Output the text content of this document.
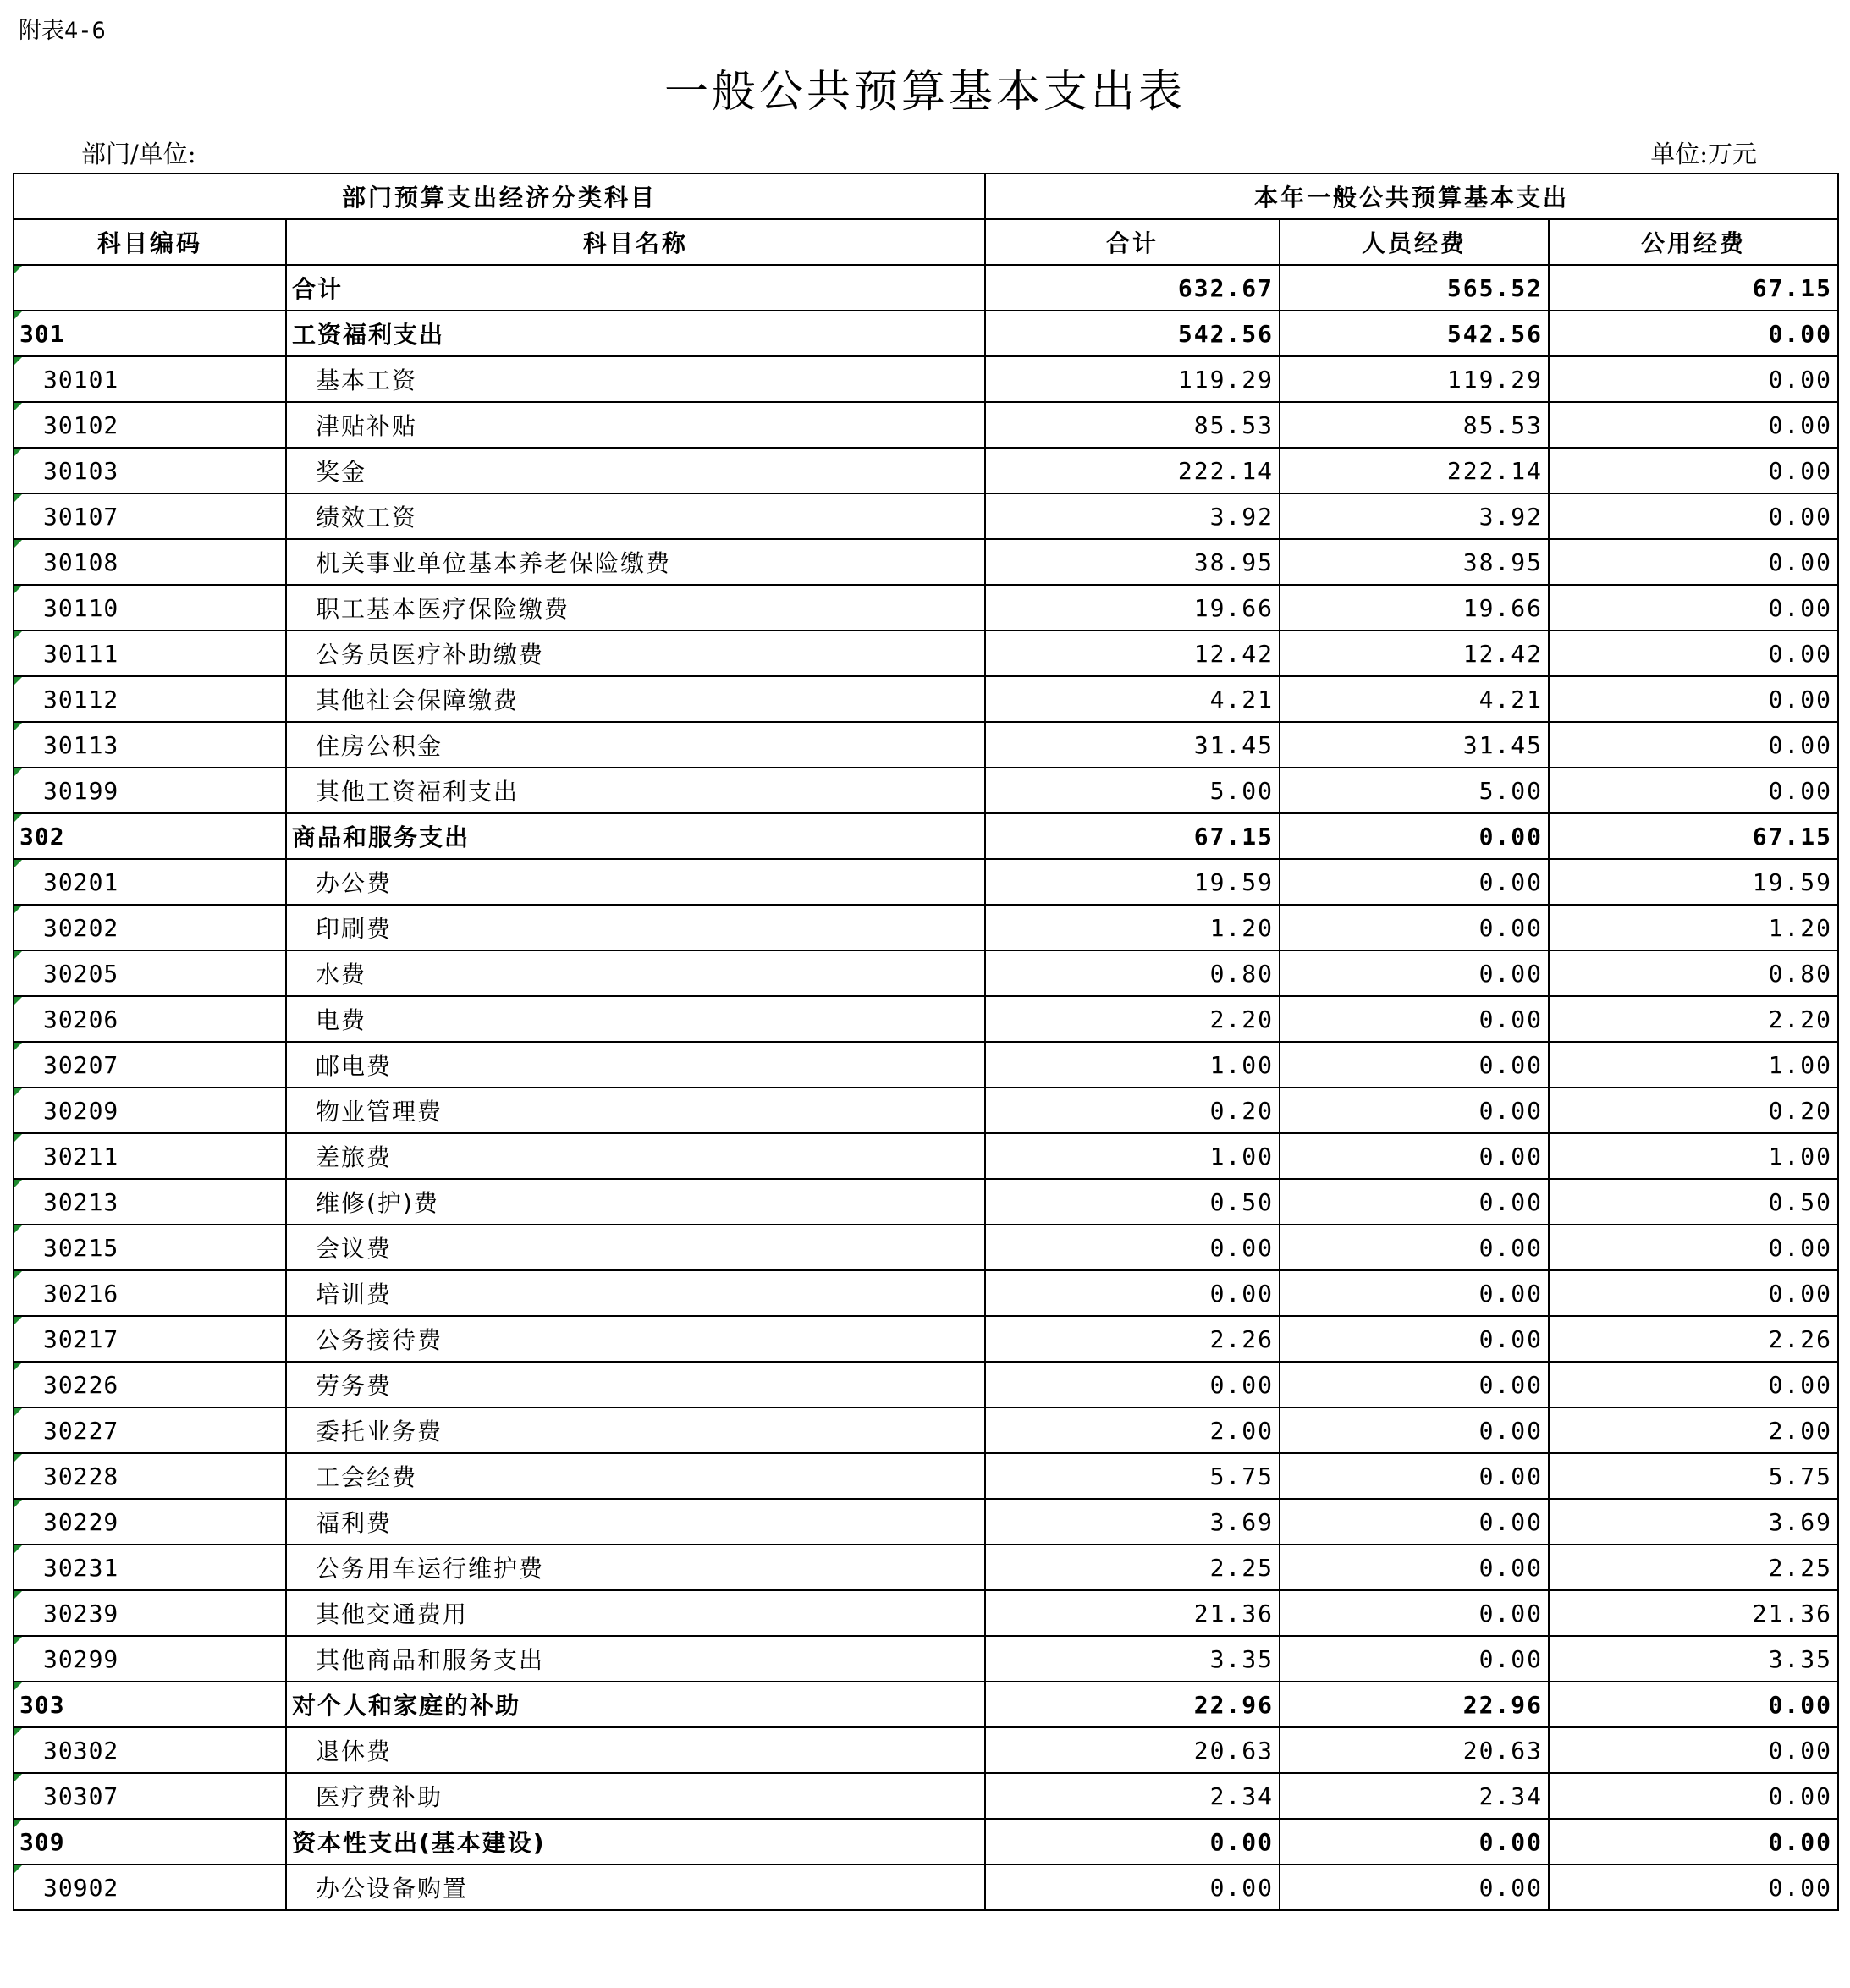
附表4-6
一般公共预算基本支出表
部门/单位:	单位:万元
部门预算支出经济分类科目		本年一般公共预算基本支出		
科目编码	科目名称	合计	人员经费	公用经费
	合计	632.67	565.52	67.15
301	工资福利支出	542.56	542.56	0.00
30101	基本工资	119.29	119.29	0.00
30102	津贴补贴	85.53	85.53	0.00
30103	奖金	222.14	222.14	0.00
30107	绩效工资	3.92	3.92	0.00
30108	机关事业单位基本养老保险缴费	38.95	38.95	0.00
30110	职工基本医疗保险缴费	19.66	19.66	0.00
30111	公务员医疗补助缴费	12.42	12.42	0.00
30112	其他社会保障缴费	4.21	4.21	0.00
30113	住房公积金	31.45	31.45	0.00
30199	其他工资福利支出	5.00	5.00	0.00
302	商品和服务支出	67.15	0.00	67.15
30201	办公费	19.59	0.00	19.59
30202	印刷费	1.20	0.00	1.20
30205	水费	0.80	0.00	0.80
30206	电费	2.20	0.00	2.20
30207	邮电费	1.00	0.00	1.00
30209	物业管理费	0.20	0.00	0.20
30211	差旅费	1.00	0.00	1.00
30213	维修(护)费	0.50	0.00	0.50
30215	会议费	0.00	0.00	0.00
30216	培训费	0.00	0.00	0.00
30217	公务接待费	2.26	0.00	2.26
30226	劳务费	0.00	0.00	0.00
30227	委托业务费	2.00	0.00	2.00
30228	工会经费	5.75	0.00	5.75
30229	福利费	3.69	0.00	3.69
30231	公务用车运行维护费	2.25	0.00	2.25
30239	其他交通费用	21.36	0.00	21.36
30299	其他商品和服务支出	3.35	0.00	3.35
303	对个人和家庭的补助	22.96	22.96	0.00
30302	退休费	20.63	20.63	0.00
30307	医疗费补助	2.34	2.34	0.00
309	资本性支出(基本建设)	0.00	0.00	0.00
30902	办公设备购置	0.00	0.00	0.00
